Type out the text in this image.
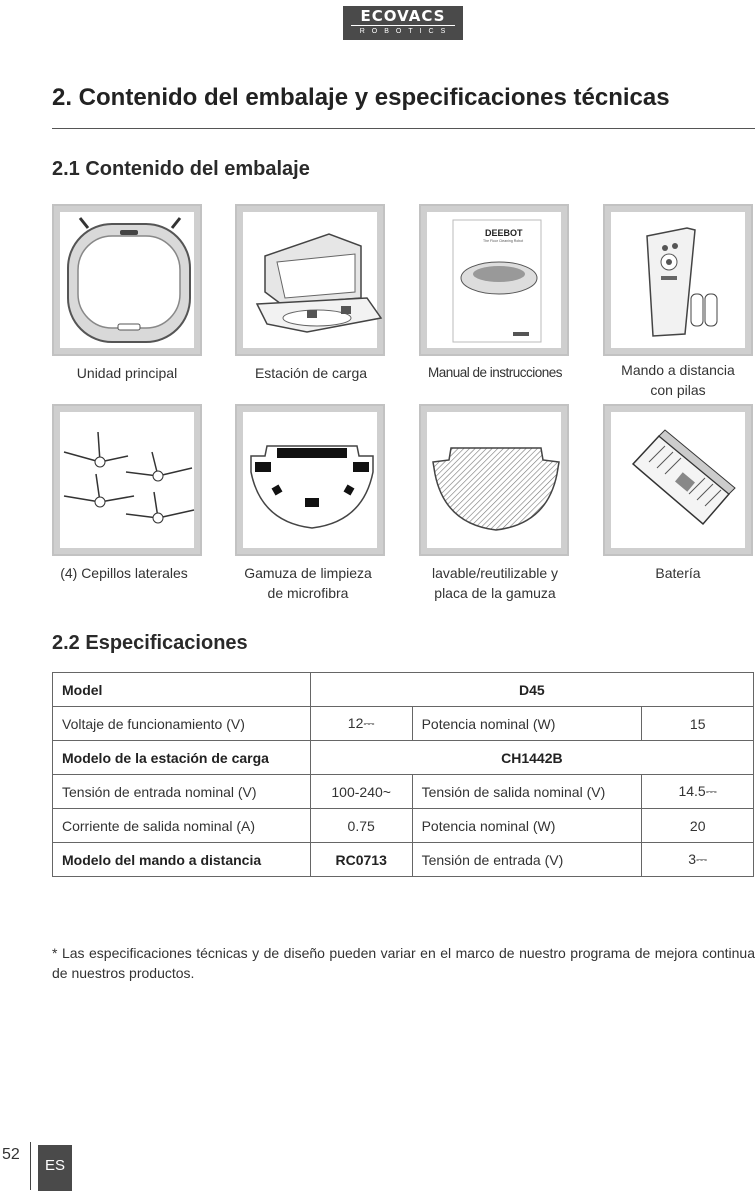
ECOVACS
ROBOTICS
2. Contenido del embalaje y especificaciones técnicas
2.1 Contenido del embalaje
DEEBOT
The Floor Cleaning Robot
Unidad principal	Estación de carga	Manual de instrucciones	Mando a distancia
con pilas
(4) Cepillos laterales	Gamuza de limpieza
de microfibra
lavable/reutilizable y
placa de la gamuza
Batería
2.2 Especificaciones
Model	D45		
Voltaje de funcionamiento (V)	12⎓	Potencia nominal (W)	15
Modelo de la estación de carga	CH1442B		
Tensión de entrada nominal (V)	100-240~	Tensión de salida nominal (V)	14.5⎓
Corriente de salida nominal (A)	0.75	Potencia nominal (W)	20
Modelo del mando a distancia	RC0713	Tensión de entrada (V)	3⎓
* Las especificaciones técnicas y de diseño pueden variar en el marco de nuestro programa de mejora continua de nuestros productos.
52
ES
